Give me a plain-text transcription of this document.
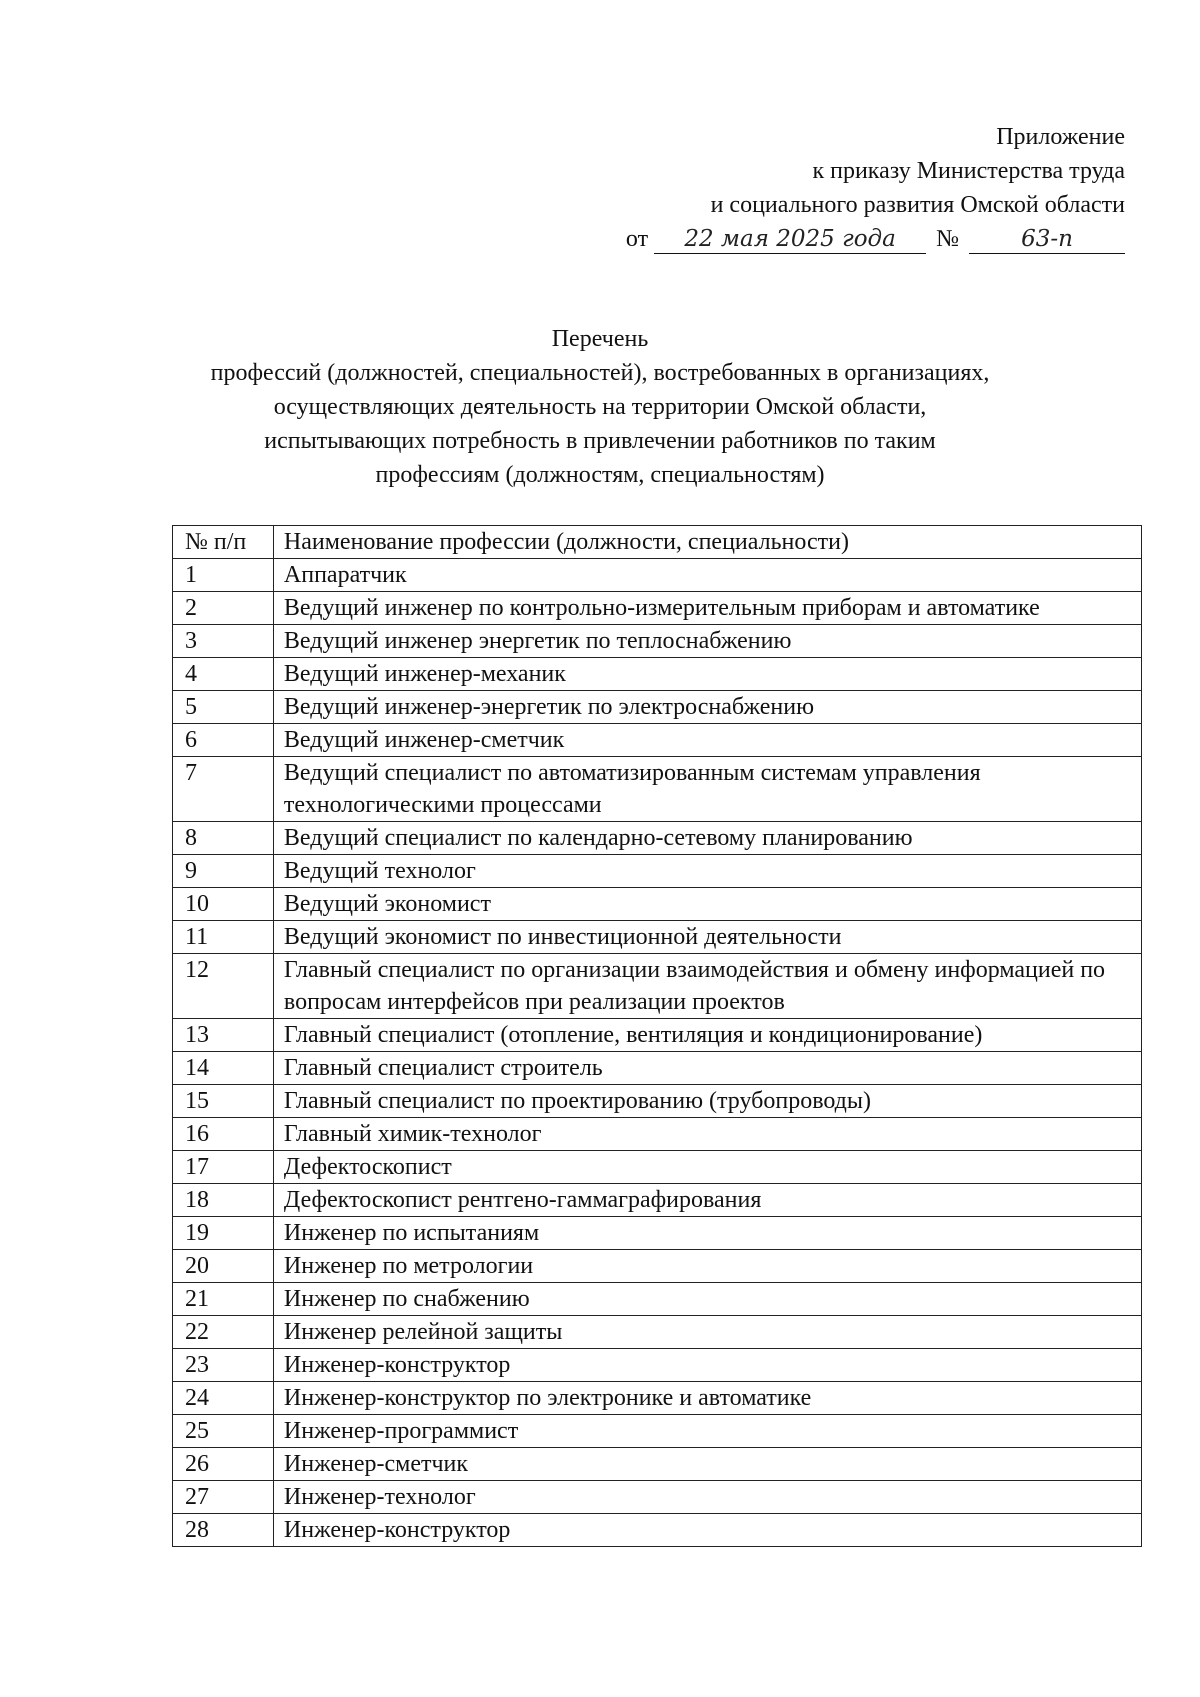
Приложение
к приказу Министерства труда
и социального развития Омской области
от 22 мая 2025 года №	63-п
Перечень
профессий (должностей, специальностей), востребованных в организациях,
осуществляющих деятельность на территории Омской области,
испытывающих потребность в привлечении работников по таким
профессиям (должностям, специальностям)
№ п/п	Наименование профессии (должности, специальности)
1	Аппаратчик
2	Ведущий инженер по контрольно-измерительным приборам и автоматике
3	Ведущий инженер энергетик по теплоснабжению
4	Ведущий инженер-механик
5	Ведущий инженер-энергетик по электроснабжению
6	Ведущий инженер-сметчик
7	Ведущий специалист по автоматизированным системам управления технологическими процессами
8	Ведущий специалист по календарно-сетевому планированию
9	Ведущий технолог
10	Ведущий экономист
11	Ведущий экономист по инвестиционной деятельности
12	Главный специалист по организации взаимодействия и обмену информацией по вопросам интерфейсов при реализации проектов
13	Главный специалист (отопление, вентиляция и кондиционирование)
14	Главный специалист строитель
15	Главный специалист по проектированию (трубопроводы)
16	Главный химик-технолог
17	Дефектоскопист
18	Дефектоскопист рентгено-гаммаграфирования
19	Инженер по испытаниям
20	Инженер по метрологии
21	Инженер по снабжению
22	Инженер релейной защиты
23	Инженер-конструктор
24	Инженер-конструктор по электронике и автоматике
25	Инженер-программист
26	Инженер-сметчик
27	Инженер-технолог
28	Инженер-конструктор
